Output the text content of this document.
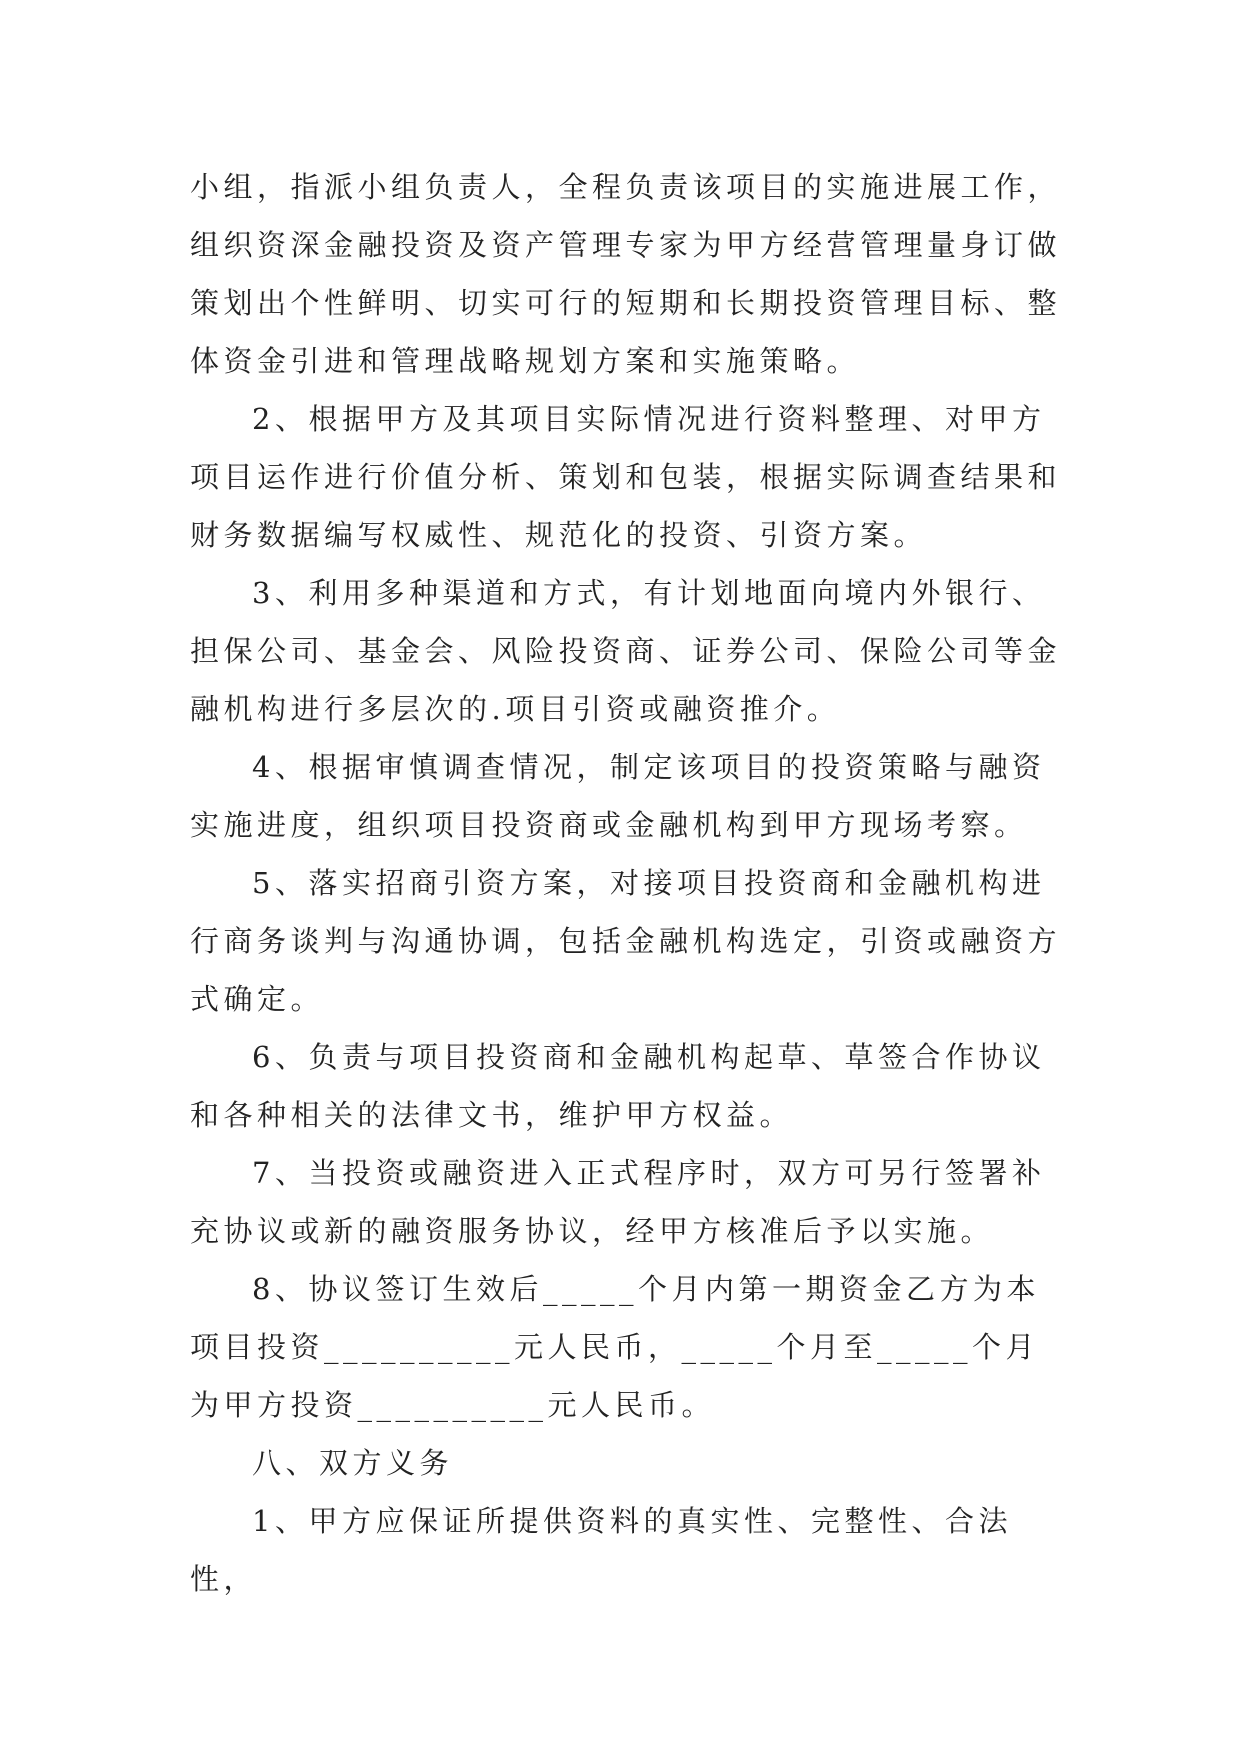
小组，指派小组负责人，全程负责该项目的实施进展工作，组织资深金融投资及资产管理专家为甲方经营管理量身订做策划出个性鲜明、切实可行的短期和长期投资管理目标、整体资金引进和管理战略规划方案和实施策略。

2、根据甲方及其项目实际情况进行资料整理、对甲方项目运作进行价值分析、策划和包装，根据实际调查结果和财务数据编写权威性、规范化的投资、引资方案。

3、利用多种渠道和方式，有计划地面向境内外银行、担保公司、基金会、风险投资商、证券公司、保险公司等金融机构进行多层次的.项目引资或融资推介。

4、根据审慎调查情况，制定该项目的投资策略与融资实施进度，组织项目投资商或金融机构到甲方现场考察。

5、落实招商引资方案，对接项目投资商和金融机构进行商务谈判与沟通协调，包括金融机构选定，引资或融资方式确定。

6、负责与项目投资商和金融机构起草、草签合作协议和各种相关的法律文书，维护甲方权益。

7、当投资或融资进入正式程序时，双方可另行签署补充协议或新的融资服务协议，经甲方核准后予以实施。

8、协议签订生效后_____个月内第一期资金乙方为本项目投资__________元人民币，_____个月至_____个月为甲方投资__________元人民币。

八、双方义务

1、甲方应保证所提供资料的真实性、完整性、合法性，
